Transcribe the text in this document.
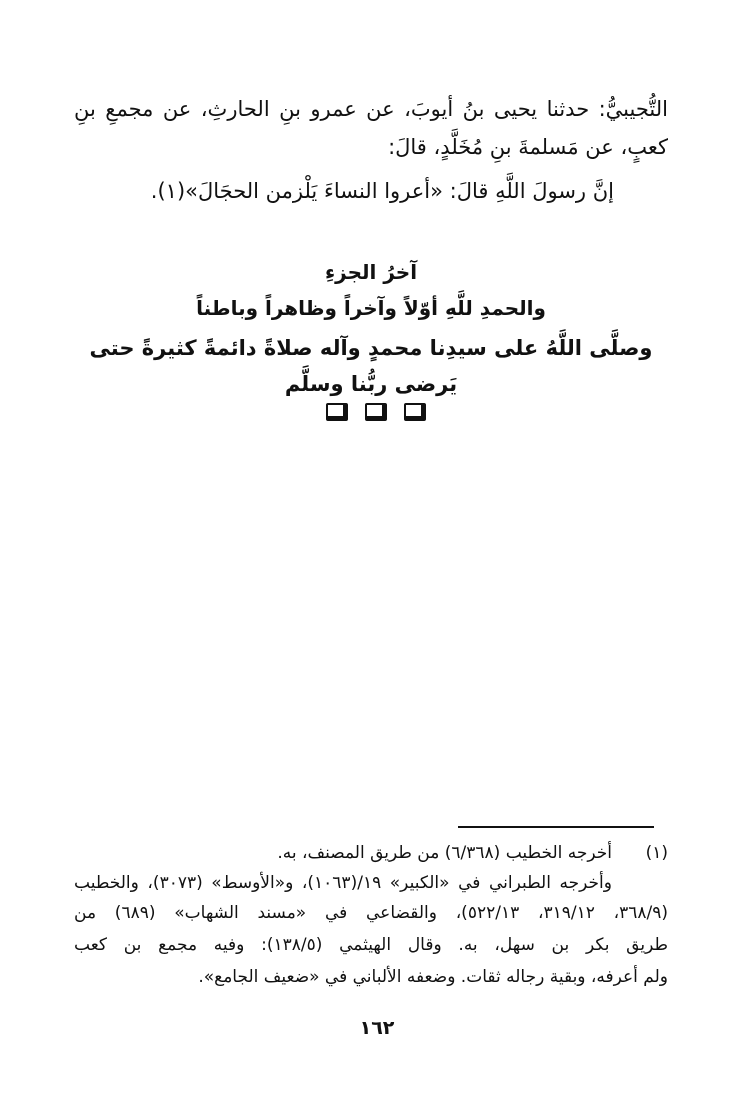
التُّجيبيُّ: حدثنا يحيى بنُ أيوبَ، عن عمرو بنِ الحارثِ، عن مجمعِ بنِ
كعبٍ، عن مَسلمةَ بنِ مُخَلَّدٍ، قالَ:
إنَّ رسولَ اللَّهِ قالَ: «أعروا النساءَ يَلْزمن الحجَالَ»(١).
آخرُ الجزءِ
والحمدِ للَّهِ أوّلاً وآخراً وظاهراً وباطناً
وصلَّى اللَّهُ على سيدِنا محمدٍ وآله صلاةً دائمةً كثيرةً حتى يَرضى ربُّنا وسلَّم
(١)
أخرجه الخطيب (٦/٣٦٨) من طريق المصنف، به.
وأخرجه الطبراني في «الكبير» ١٩/(١٠٦٣)، و«الأوسط» (٣٠٧٣)، والخطيب
(٣٦٨/٩، ٣١٩/١٢، ٥٢٢/١٣)، والقضاعي في «مسند الشهاب» (٦٨٩) من
طريق بكر بن سهل، به. وقال الهيثمي (١٣٨/٥): وفيه مجمع بن كعب
ولم أعرفه، وبقية رجاله ثقات. وضعفه الألباني في «ضعيف الجامع».
١٦٢
